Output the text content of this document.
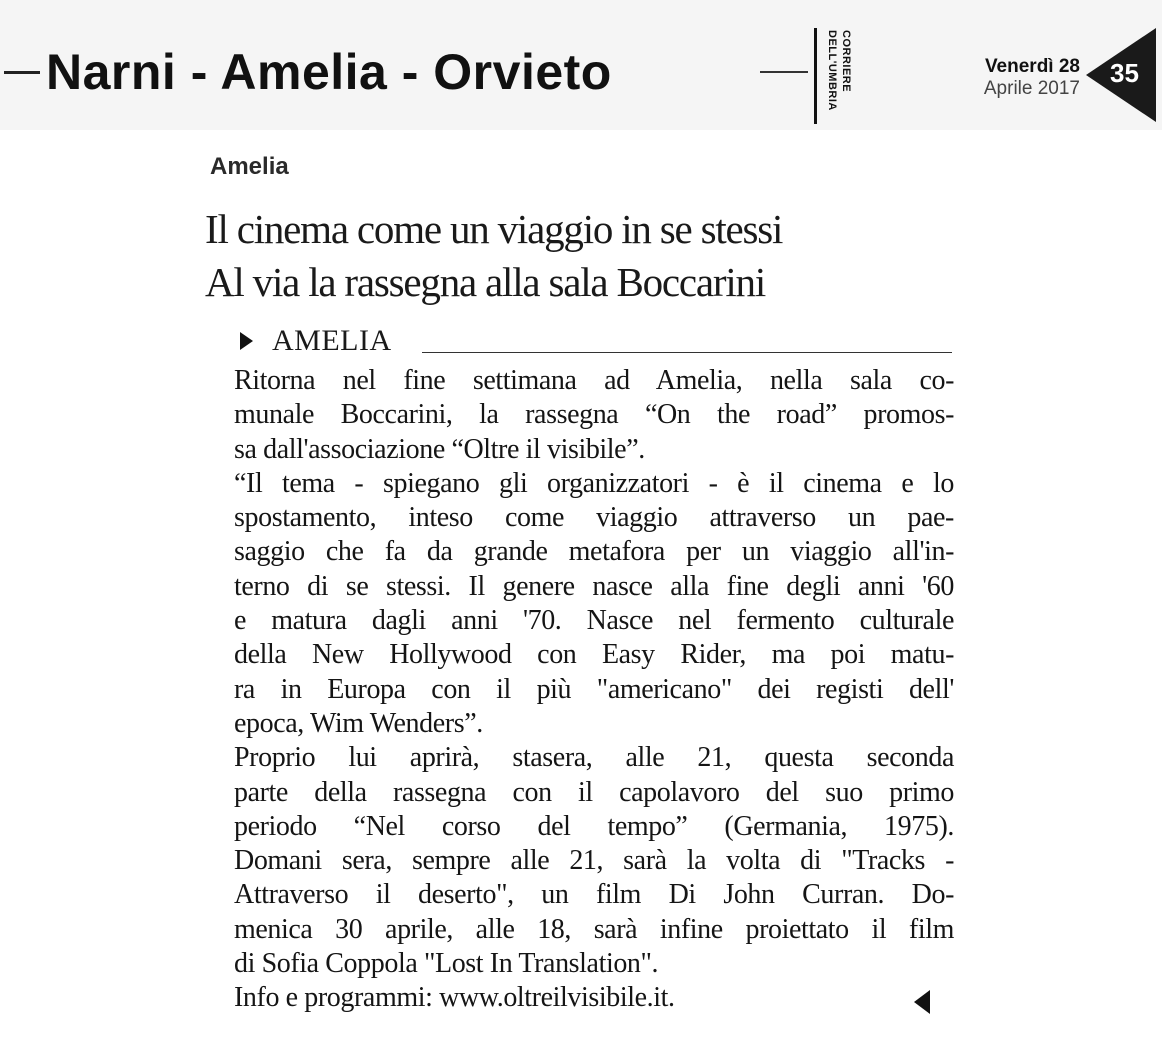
Narni - Amelia - Orvieto	CORRIERE
DELL'UMBRIA	Venerdì 28
Aprile 2017
35
Amelia
Il cinema come un viaggio in se stessi
Al via la rassegna alla sala Boccarini
AMELIA
Ritorna nel fine settimana ad Amelia, nella sala co-
munale Boccarini, la rassegna “On the road” promos-
sa dall'associazione “Oltre il visibile”.
“Il tema - spiegano gli organizzatori - è il cinema e lo
spostamento, inteso come viaggio attraverso un pae-
saggio che fa da grande metafora per un viaggio all'in-
terno di se stessi. Il genere nasce alla fine degli anni '60
e matura dagli anni '70. Nasce nel fermento culturale
della New Hollywood con Easy Rider, ma poi matu-
ra in Europa con il più "americano" dei registi dell'
epoca, Wim Wenders”.
Proprio lui aprirà, stasera, alle 21, questa seconda
parte della rassegna con il capolavoro del suo primo
periodo “Nel corso del tempo” (Germania, 1975).
Domani sera, sempre alle 21, sarà la volta di "Tracks -
Attraverso il deserto", un film Di John Curran. Do-
menica 30 aprile, alle 18, sarà infine proiettato il film
di Sofia Coppola "Lost In Translation".
Info e programmi: www.oltreilvisibile.it.
